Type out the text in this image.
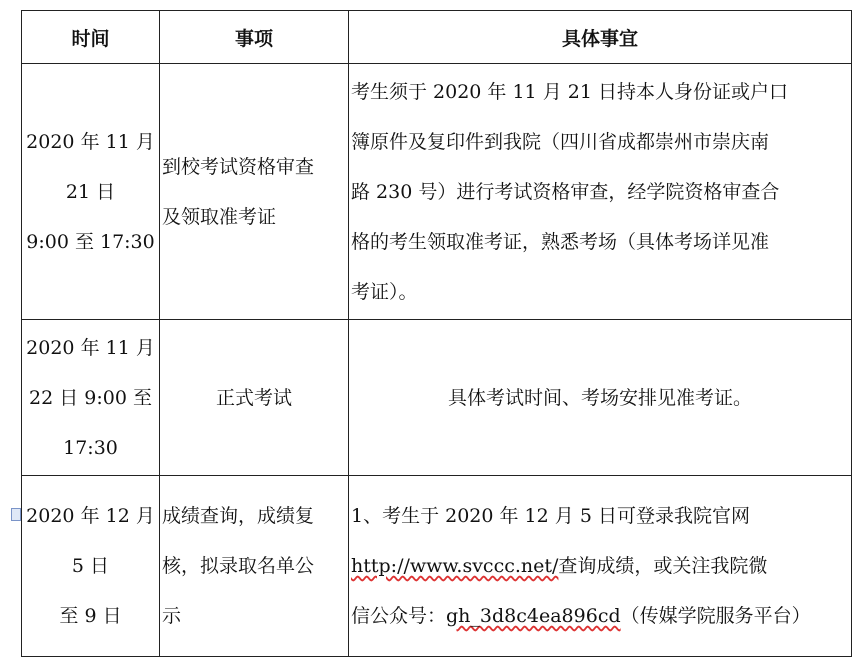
时间	事项	具体事宜

2020 年 11 月
21 日
9:00 至 17:30	到校考试资格审查
及领取准考证	考生须于 2020 年 11 月 21 日持本人身份证或户口
簿原件及复印件到我院（四川省成都崇州市崇庆南
路 230 号）进行考试资格审查，经学院资格审查合
格的考生领取准考证，熟悉考场（具体考场详见准
考证）。

2020 年 11 月
22 日 9:00 至
17:30	正式考试	具体考试时间、考场安排见准考证。

2020 年 12 月
5 日
至 9 日	成绩查询，成绩复
核，拟录取名单公
示	1、考生于 2020 年 12 月 5 日可登录我院官网
http://www.svccc.net/查询成绩，或关注我院微
信公众号：gh_3d8c4ea896cd（传媒学院服务平台）
